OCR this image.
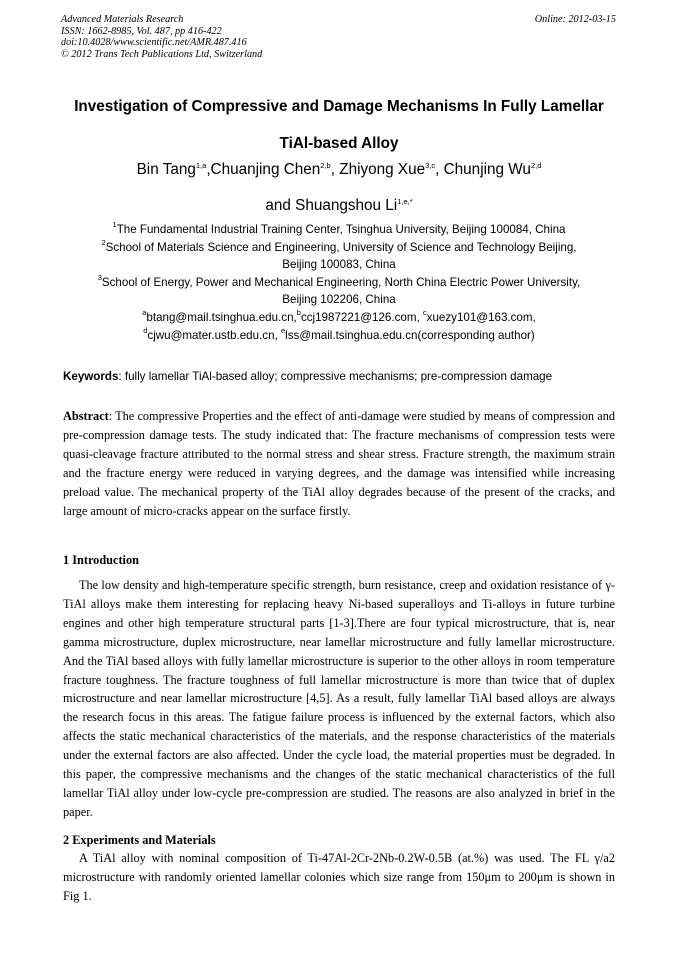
Advanced Materials Research
ISSN: 1662-8985, Vol. 487, pp 416-422
doi:10.4028/www.scientific.net/AMR.487.416
© 2012 Trans Tech Publications Ltd, Switzerland
Online: 2012-03-15
Investigation of Compressive and Damage Mechanisms In Fully Lamellar
TiAl-based Alloy
Bin Tang$^{1,a}$,Chuanjing Chen$^{2,b}$, Zhiyong Xue$^{3,c}$, Chunjing Wu$^{2,d}$
and Shuangshou $Li^{1,e,*}$
$^1$The Fundamental Industrial Training Center, Tsinghua University, Beijing 100084, China
$^2$School of Materials Science and Engineering, University of Science and Technology Beijing,
Beijing 100083, China
$^3$School of Energy, Power and Mechanical Engineering, North China Electric Power University,
Beijing 102206, China
$^a$btang@mail.tsinghua.edu.cn,$^b$ccj1987221@126.com, $^c$xuezy101@163.com,
$^d$cjwu@mater.ustb.edu.cn, $^e$lss@mail.tsinghua.edu.cn(corresponding author)
Keywords: fully lamellar TiAl-based alloy; compressive mechanisms; pre-compression damage
Abstract: The compressive Properties and the effect of anti-damage were studied by means of compression and pre-compression damage tests. The study indicated that: The fracture mechanisms of compression tests were quasi-cleavage fracture attributed to the normal stress and shear stress. Fracture strength, the maximum strain and the fracture energy were reduced in varying degrees, and the damage was intensified while increasing preload value. The mechanical property of the TiAl alloy degrades because of the present of the cracks, and large amount of micro-cracks appear on the surface firstly.
1 Introduction
The low density and high-temperature specific strength, burn resistance, creep and oxidation resistance of γ-TiAl alloys make them interesting for replacing heavy Ni-based superalloys and Ti-alloys in future turbine engines and other high temperature structural parts [1-3].There are four typical microstructure, that is, near gamma microstructure, duplex microstructure, near lamellar microstructure and fully lamellar microstructure. And the TiAl based alloys with fully lamellar microstructure is superior to the other alloys in room temperature fracture toughness. The fracture toughness of full lamellar microstructure is more than twice that of duplex microstructure and near lamellar microstructure [4,5]. As a result, fully lamellar TiAl based alloys are always the research focus in this areas. The fatigue failure process is influenced by the external factors, which also affects the static mechanical characteristics of the materials, and the response characteristics of the materials under the external factors are also affected. Under the cycle load, the material properties must be degraded. In this paper, the compressive mechanisms and the changes of the static mechanical characteristics of the full lamellar TiAl alloy under low-cycle pre-compression are studied. The reasons are also analyzed in brief in the paper.
2 Experiments and Materials
A TiAl alloy with nominal composition of Ti-47Al-2Cr-2Nb-0.2W-0.5B (at.%) was used. The FL γ/a2 microstructure with randomly oriented lamellar colonies which size range from 150μm to 200μm is shown in Fig 1.
